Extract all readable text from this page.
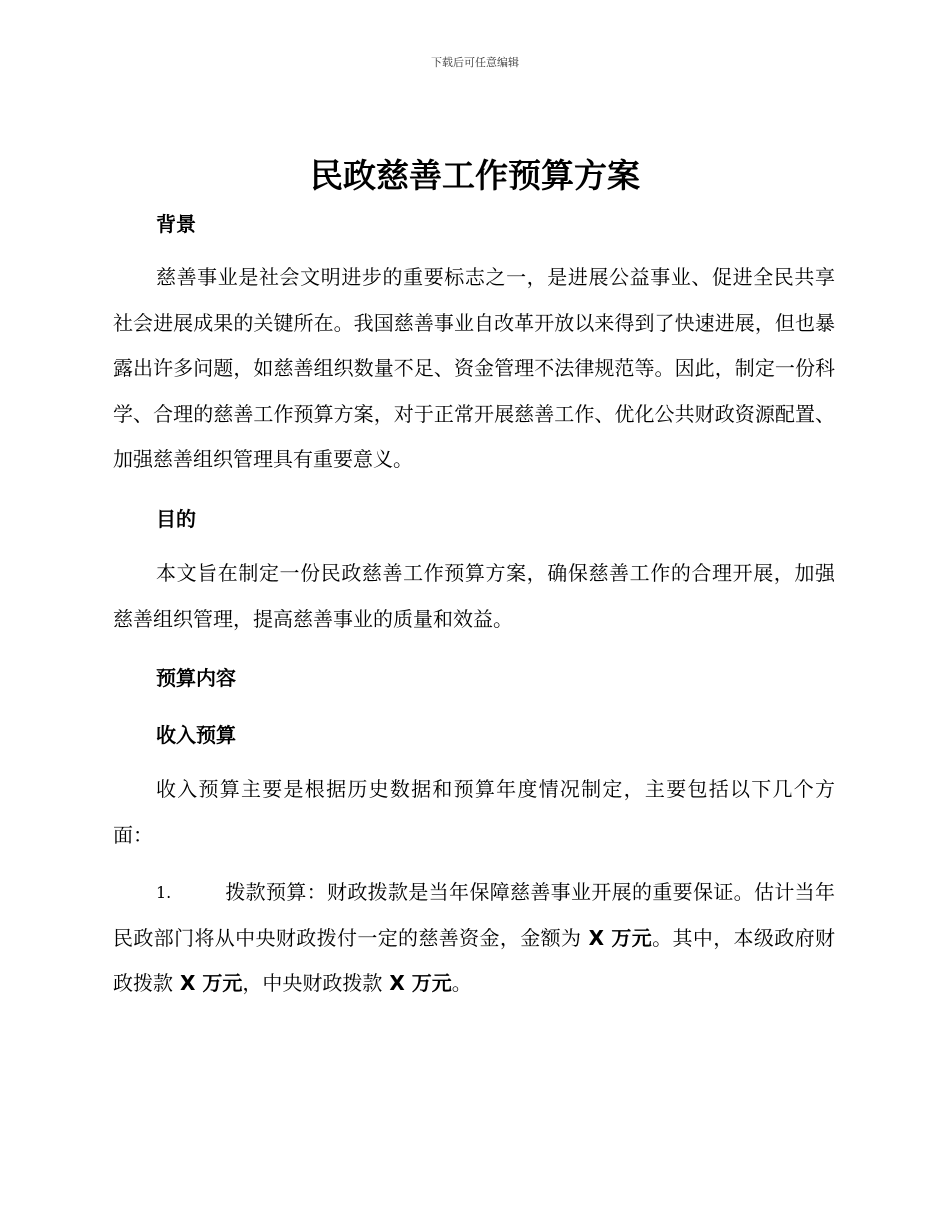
下载后可任意编辑
民政慈善工作预算方案
背景
慈善事业是社会文明进步的重要标志之一，是进展公益事业、促进全民共享社会进展成果的关键所在。我国慈善事业自改革开放以来得到了快速进展，但也暴露出许多问题，如慈善组织数量不足、资金管理不法律规范等。因此，制定一份科学、合理的慈善工作预算方案，对于正常开展慈善工作、优化公共财政资源配置、加强慈善组织管理具有重要意义。
目的
本文旨在制定一份民政慈善工作预算方案，确保慈善工作的合理开展，加强慈善组织管理，提高慈善事业的质量和效益。
预算内容
收入预算
收入预算主要是根据历史数据和预算年度情况制定，主要包括以下几个方面：
1.	拨款预算：财政拨款是当年保障慈善事业开展的重要保证。估计当年民政部门将从中央财政拨付一定的慈善资金，金额为 X 万元。其中，本级政府财政拨款 X 万元，中央财政拨款 X 万元。
